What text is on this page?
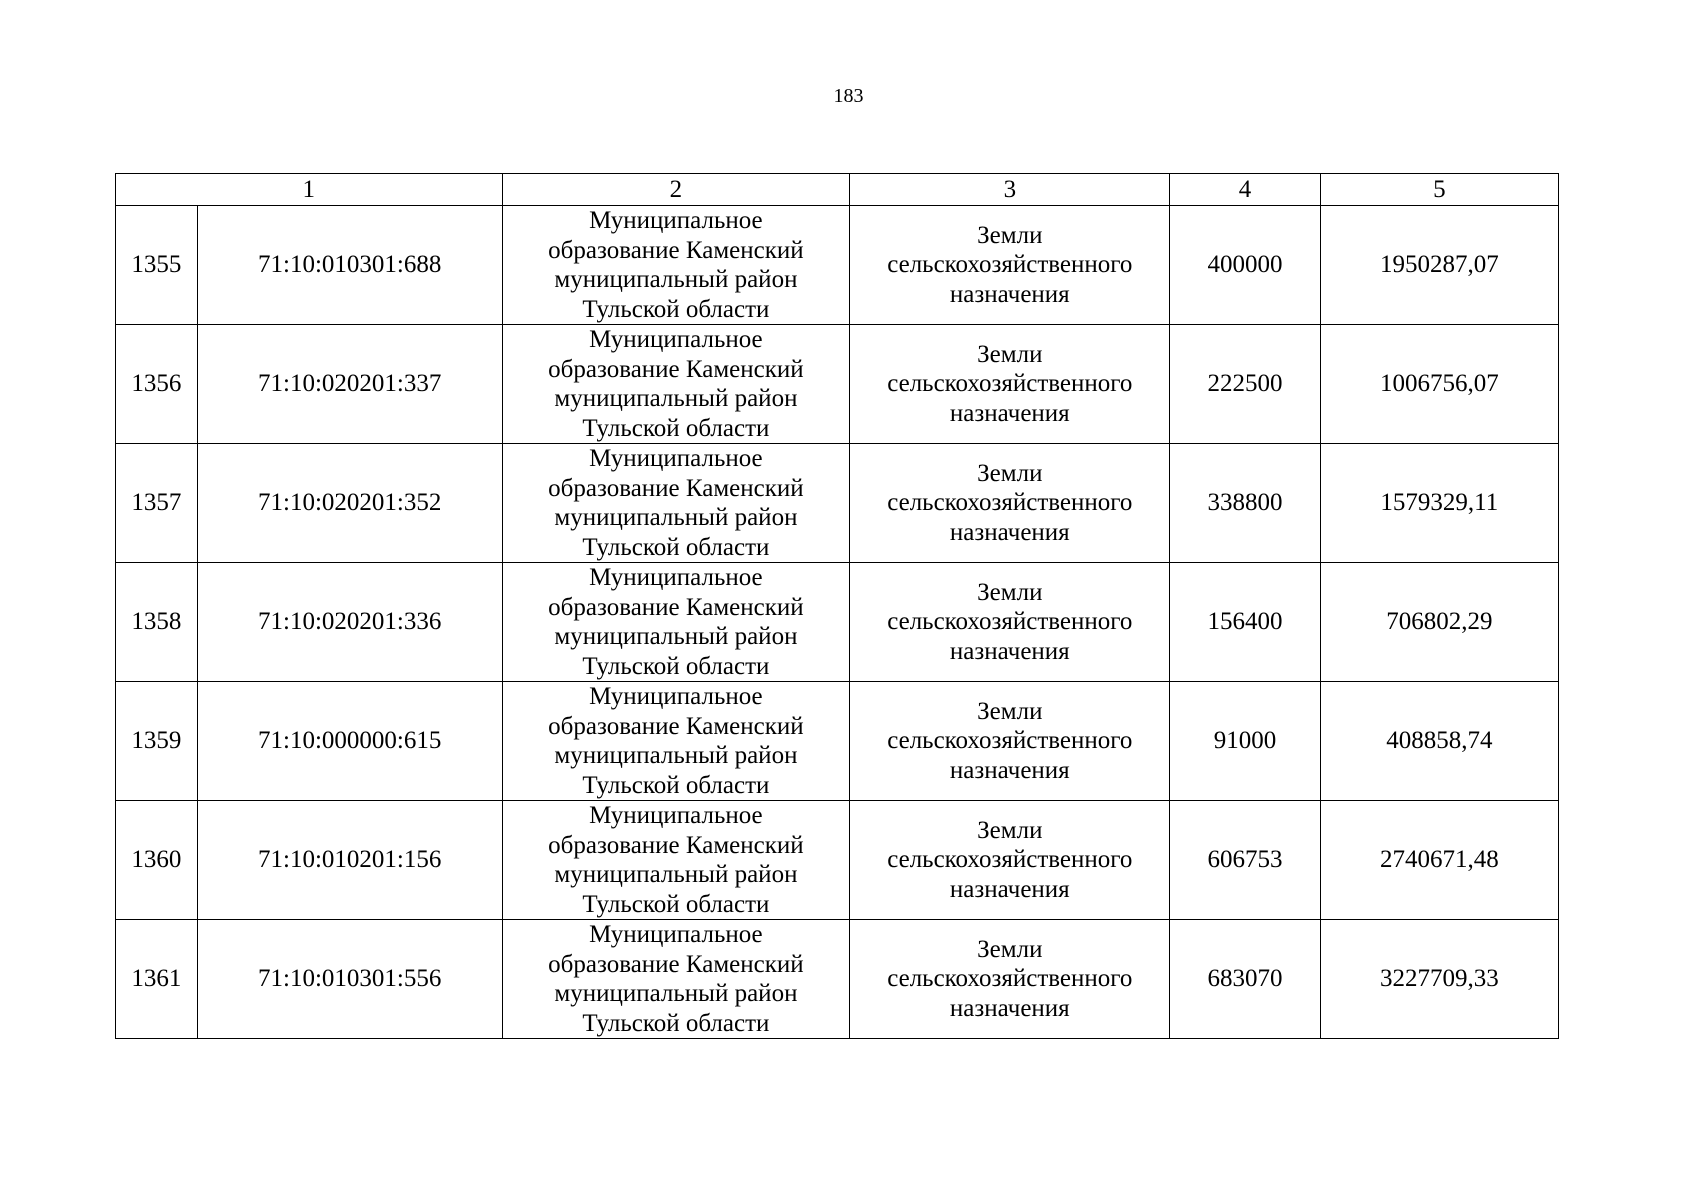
183
1		2	3	4	5
1355	71:10:010301:688	Муниципальное
образование Каменский
муниципальный район
Тульской области	Земли
сельскохозяйственного
назначения	400000	1950287,07
1356	71:10:020201:337	Муниципальное
образование Каменский
муниципальный район
Тульской области	Земли
сельскохозяйственного
назначения	222500	1006756,07
1357	71:10:020201:352	Муниципальное
образование Каменский
муниципальный район
Тульской области	Земли
сельскохозяйственного
назначения	338800	1579329,11
1358	71:10:020201:336	Муниципальное
образование Каменский
муниципальный район
Тульской области	Земли
сельскохозяйственного
назначения	156400	706802,29
1359	71:10:000000:615	Муниципальное
образование Каменский
муниципальный район
Тульской области	Земли
сельскохозяйственного
назначения	91000	408858,74
1360	71:10:010201:156	Муниципальное
образование Каменский
муниципальный район
Тульской области	Земли
сельскохозяйственного
назначения	606753	2740671,48
1361	71:10:010301:556	Муниципальное
образование Каменский
муниципальный район
Тульской области	Земли
сельскохозяйственного
назначения	683070	3227709,33
